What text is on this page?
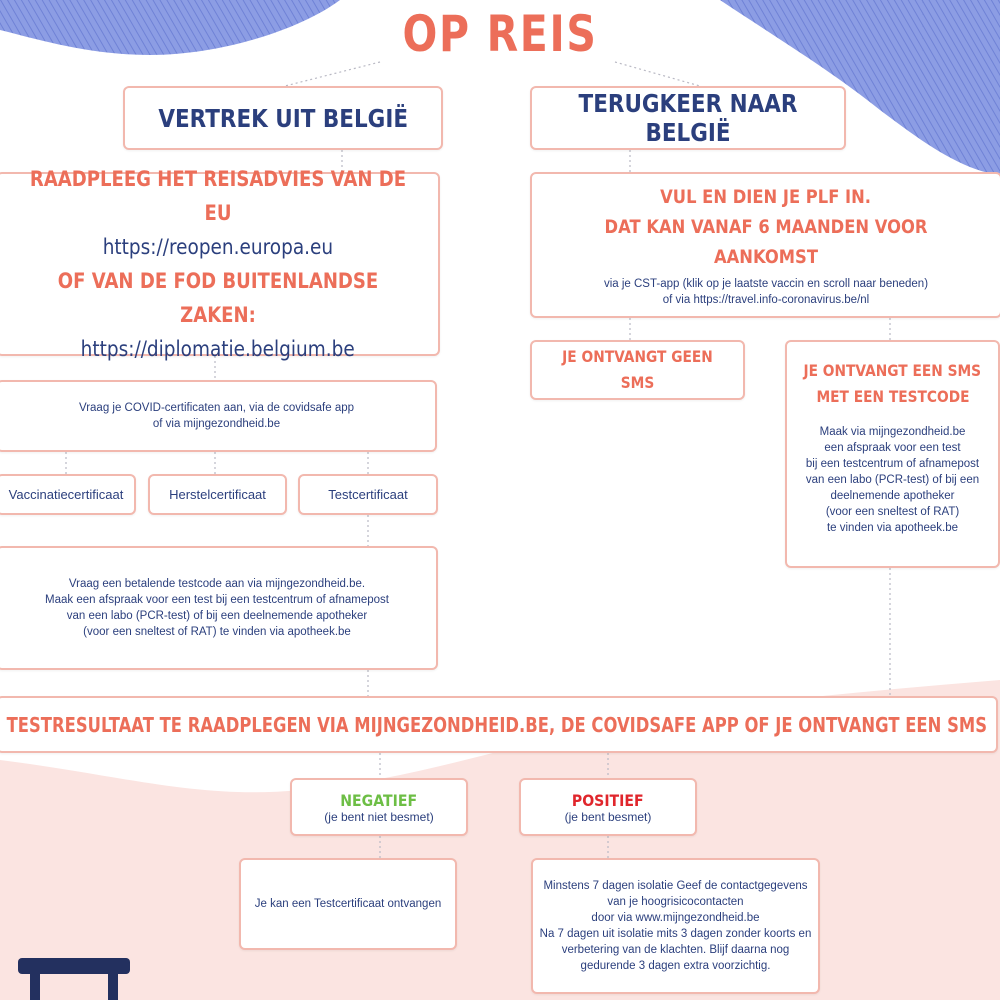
OP REIS
VERTREK UIT BELGIË	TERUGKEER NAAR BELGIË
RAADPLEEG HET REISADVIES VAN DE EU
https://reopen.europa.eu
OF VAN DE FOD BUITENLANDSE ZAKEN:
https://diplomatie.belgium.be
VUL EN DIEN JE PLF IN.
DAT KAN VANAF 6 MAANDEN VOOR AANKOMST
via je CST-app (klik op je laatste vaccin en scroll naar beneden)
of via https://travel.info-coronavirus.be/nl
JE ONTVANGT GEEN SMS
JE ONTVANGT EEN SMS
MET EEN TESTCODE
Maak via mijngezondheid.be
een afspraak voor een test
bij een testcentrum of afnamepost
van een labo (PCR-test) of bij een
deelnemende apotheker
(voor een sneltest of RAT)
te vinden via apotheek.be
Vraag je COVID-certificaten aan, via de covidsafe app
of via mijngezondheid.be
Vaccinatiecertificaat	Herstelcertificaat	Testcertificaat
Vraag een betalende testcode aan via mijngezondheid.be.
Maak een afspraak voor een test bij een testcentrum of afnamepost
van een labo (PCR-test) of bij een deelnemende apotheker
(voor een sneltest of RAT) te vinden via apotheek.be
TESTRESULTAAT TE RAADPLEGEN VIA MIJNGEZONDHEID.BE, DE COVIDSAFE APP OF JE ONTVANGT EEN SMS
NEGATIEF
(je bent niet besmet)
POSITIEF
(je bent besmet)
Je kan een Testcertificaat ontvangen
Minstens 7 dagen isolatie Geef de contactgegevens
van je hoogrisicocontacten
door via www.mijngezondheid.be
Na 7 dagen uit isolatie mits 3 dagen zonder koorts en
verbetering van de klachten. Blijf daarna nog
gedurende 3 dagen extra voorzichtig.
